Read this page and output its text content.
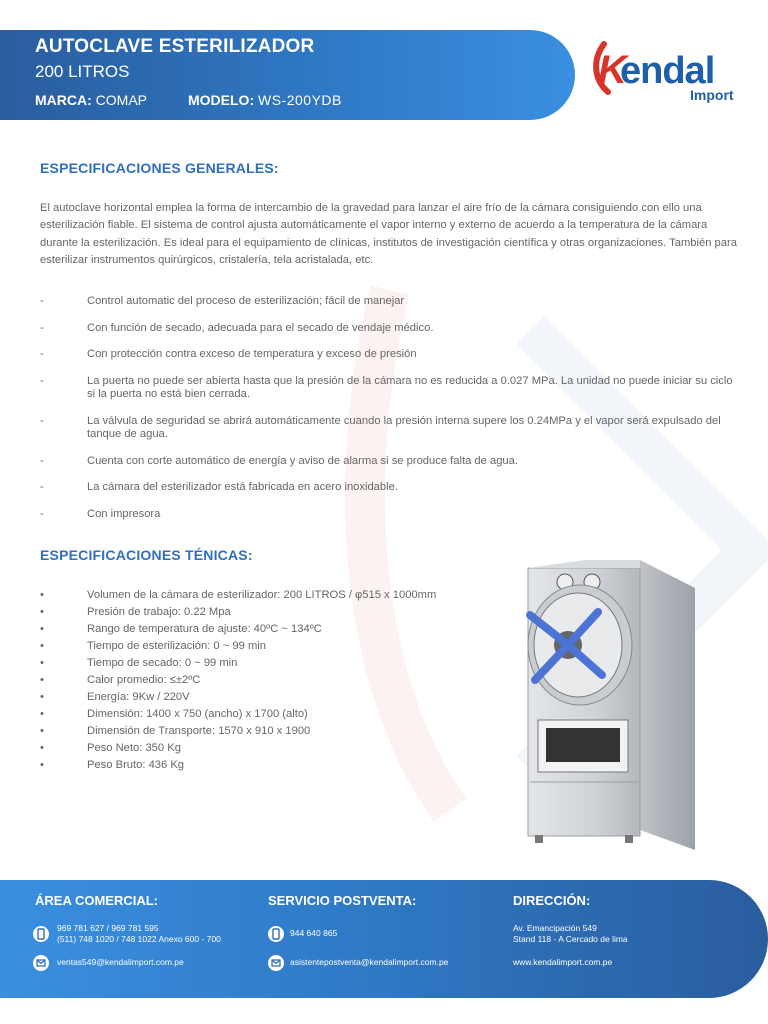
AUTOCLAVE ESTERILIZADOR
200 LITROS
MARCA: COMAP	MODELO: WS-200YDB
K
endal
Import
ESPECIFICACIONES GENERALES:
El autoclave horizontal emplea la forma de intercambio de la gravedad para lanzar el aire frío de la cámara consiguiendo con ello una esterilización fiable. El sistema de control ajusta automáticamente el vapor interno y externo de acuerdo a la temperatura de la cámara durante la esterilización. Es ideal para el equipamiento de clínicas, institutos de investigación científica y otras organizaciones. También para esterilizar instrumentos quirúrgicos, cristalería, tela acristalada, etc.
-	Control automatic del proceso de esterilización; fácil de manejar
-	Con función de secado, adecuada para el secado de vendaje médico.
-	Con protección contra exceso de temperatura y exceso de presión
-	La puerta no puede ser abierta hasta que la presión de la cámara no es reducida a 0.027 MPa. La unidad no puede iniciar su ciclo si la puerta no está bien cerrada.
-	La válvula de seguridad se abrirá automáticamente cuando la presión interna supere los 0.24MPa y el vapor será expulsado del tanque de agua.
-	Cuenta con corte automático de energía y aviso de alarma si se produce falta de agua.
-	La cámara del esterilizador está fabricada en acero inoxidable.
-	Con impresora
ESPECIFICACIONES TÉNICAS:
•	Volumen de la cámara de esterilizador: 200 LITROS / φ515 x 1000mm
•	Presión de trabajo: 0.22 Mpa
•	Rango de temperatura de ajuste: 40ºC ~ 134ºC
•	Tiempo de esterilización: 0 ~ 99 min
•	Tiempo de secado: 0 ~ 99 min
•	Calor promedio: ≤±2ºC
•	Energía: 9Kw / 220V
•	Dimensión: 1400 x 750 (ancho) x 1700 (alto)
•	Dimensión de Transporte: 1570 x 910 x 1900
•	Peso Neto: 350 Kg
•	Peso Bruto: 436 Kg
ÁREA COMERCIAL:
969 781 627 / 969 781 595
(511) 748 1020 / 748 1022 Anexo 600 - 700
ventas549@kendalimport.com.pe
SERVICIO POSTVENTA:
944 640 865
asistentepostventa@kendalimport.com.pe
DIRECCIÓN:
Av. Emancipación 549
Stand 118 - A Cercado de lima
www.kendalimport.com.pe
